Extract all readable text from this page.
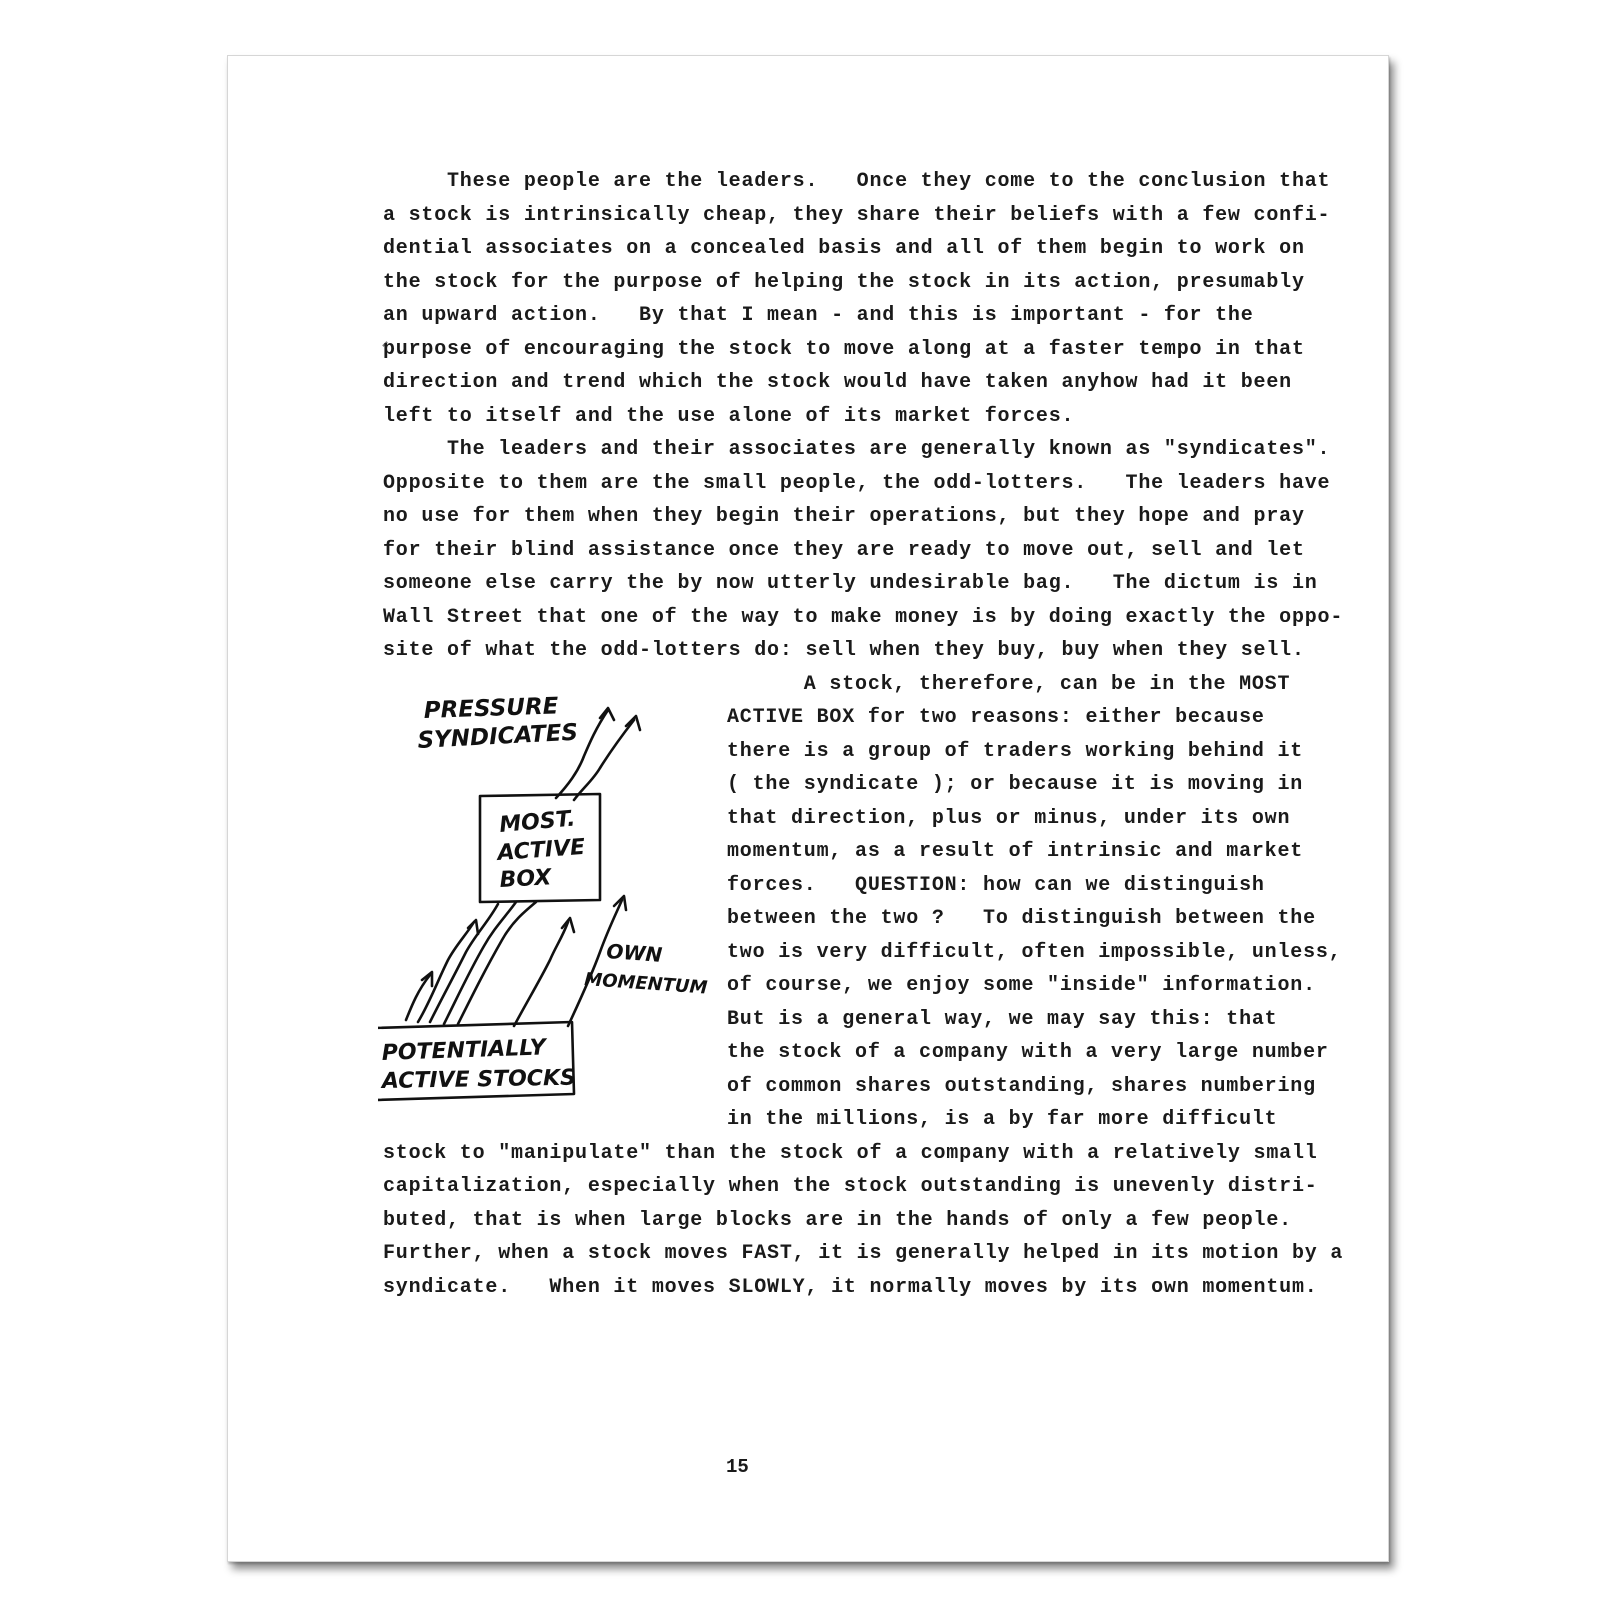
These people are the leaders.   Once they come to the conclusion that
a stock is intrinsically cheap, they share their beliefs with a few confi-
dential associates on a concealed basis and all of them begin to work on
the stock for the purpose of helping the stock in its action, presumably
an upward action.   By that I mean - and this is important - for the
purpose of encouraging the stock to move along at a faster tempo in that
direction and trend which the stock would have taken anyhow had it been
left to itself and the use alone of its market forces.
The leaders and their associates are generally known as "syndicates".
Opposite to them are the small people, the odd-lotters.   The leaders have
no use for them when they begin their operations, but they hope and pray
for their blind assistance once they are ready to move out, sell and let
someone else carry the by now utterly undesirable bag.   The dictum is in
Wall Street that one of the way to make money is by doing exactly the oppo-
site of what the odd-lotters do: sell when they buy, buy when they sell.
A stock, therefore, can be in the MOST
ACTIVE BOX for two reasons: either because
there is a group of traders working behind it
( the syndicate ); or because it is moving in
that direction, plus or minus, under its own
momentum, as a result of intrinsic and market
forces.   QUESTION: how can we distinguish
between the two ?   To distinguish between the
two is very difficult, often impossible, unless,
of course, we enjoy some "inside" information.
But is a general way, we may say this: that
the stock of a company with a very large number
of common shares outstanding, shares numbering
in the millions, is a by far more difficult
stock to "manipulate" than the stock of a company with a relatively small
capitalization, especially when the stock outstanding is unevenly distri-
buted, that is when large blocks are in the hands of only a few people.
Further, when a stock moves FAST, it is generally helped in its motion by a
syndicate.   When it moves SLOWLY, it normally moves by its own momentum.
PRESSURE
SYNDICATES
MOST.
ACTIVE
BOX
OWN
MOMENTUM
POTENTIALLY
ACTIVE STOCKS
15
